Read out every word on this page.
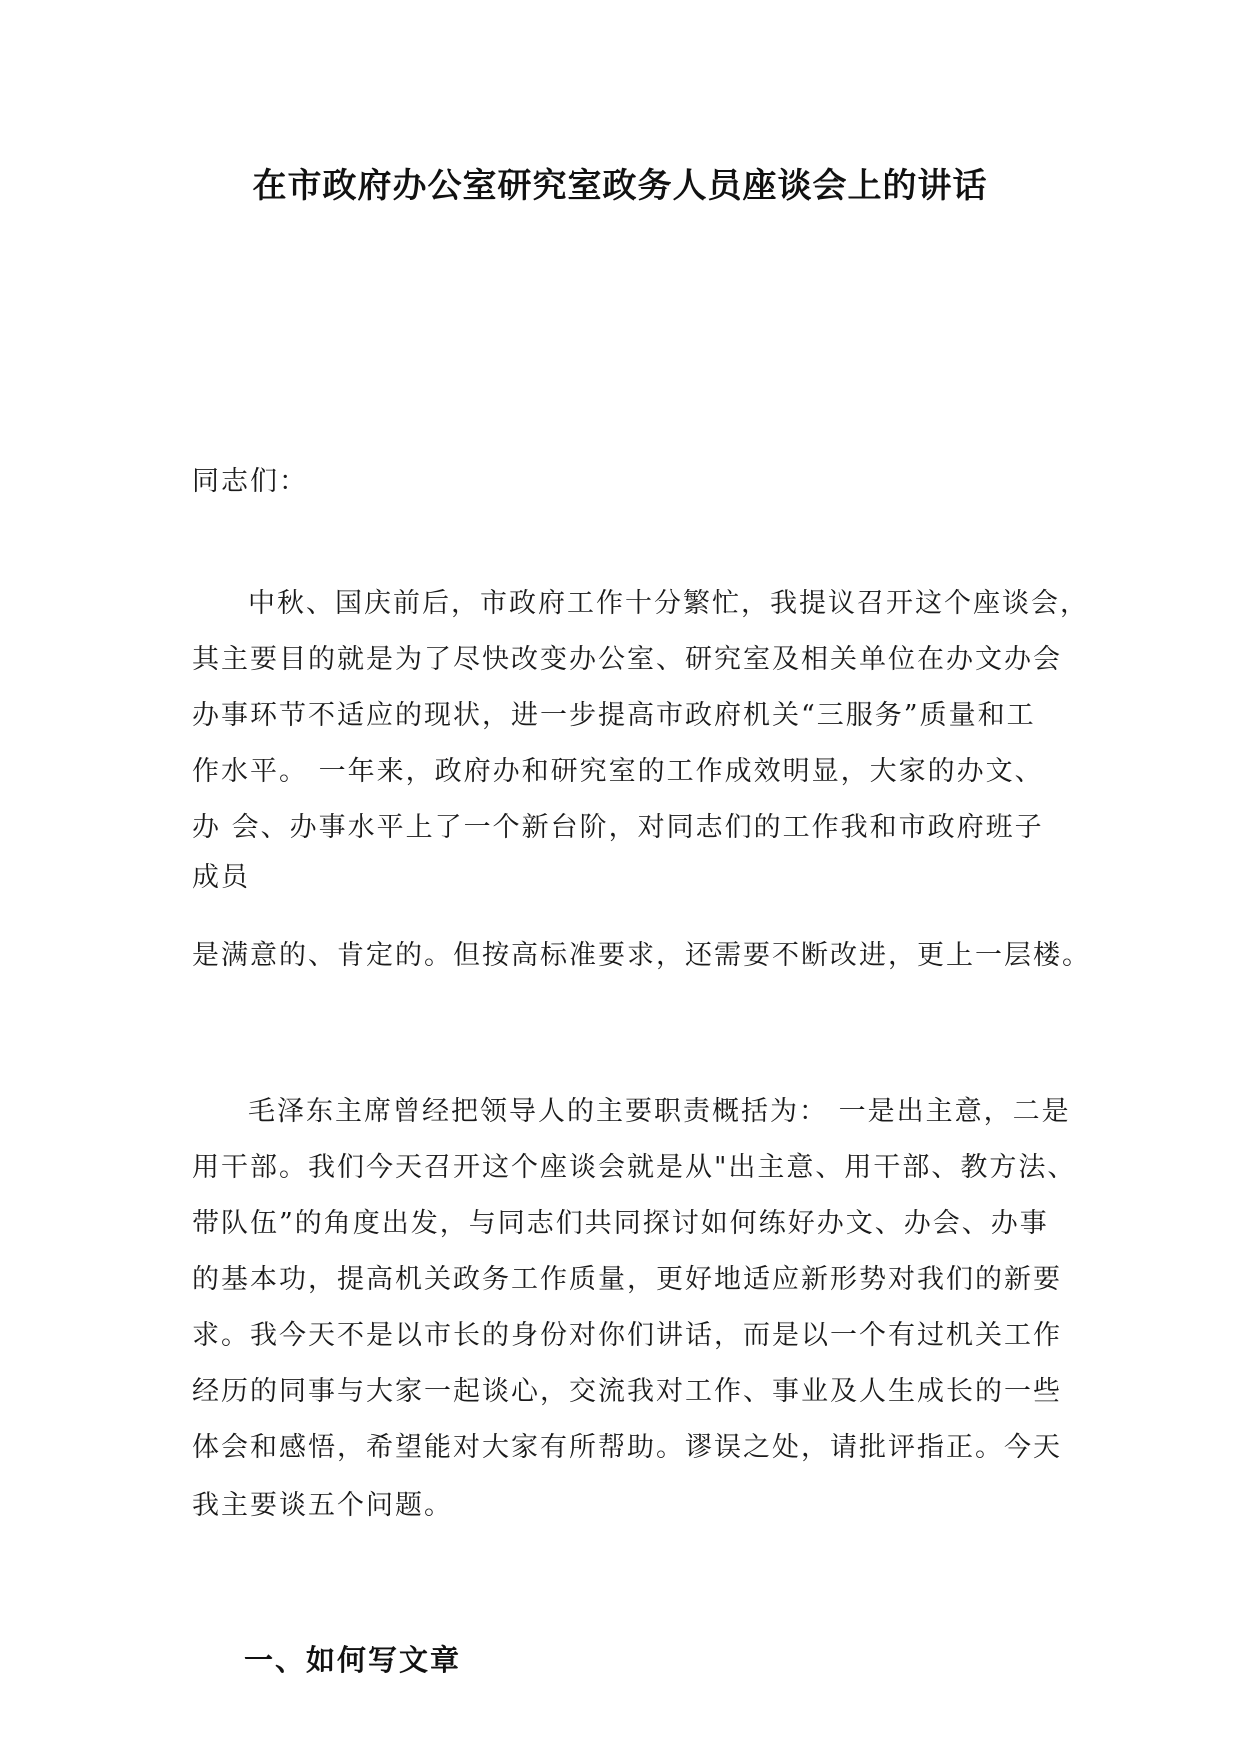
在市政府办公室研究室政务人员座谈会上的讲话
同志们：
中秋、国庆前后，市政府工作十分繁忙，我提议召开这个座谈会，
其主要目的就是为了尽快改变办公室、研究室及相关单位在办文办会
办事环节不适应的现状，进一步提高市政府机关“三服务”质量和工
作水平。 一年来，政府办和研究室的工作成效明显，大家的办文、
办 会、办事水平上了一个新台阶，对同志们的工作我和市政府班子
成员
是满意的、肯定的。但按高标准要求，还需要不断改进，更上一层楼。
毛泽东主席曾经把领导人的主要职责概括为： 一是出主意，二是
用干部。我们今天召开这个座谈会就是从"出主意、用干部、教方法、
带队伍”的角度出发，与同志们共同探讨如何练好办文、办会、办事
的基本功，提高机关政务工作质量，更好地适应新形势对我们的新要
求。我今天不是以市长的身份对你们讲话，而是以一个有过机关工作
经历的同事与大家一起谈心，交流我对工作、事业及人生成长的一些
体会和感悟，希望能对大家有所帮助。谬误之处，请批评指正。今天
我主要谈五个问题。
一、如何写文章
